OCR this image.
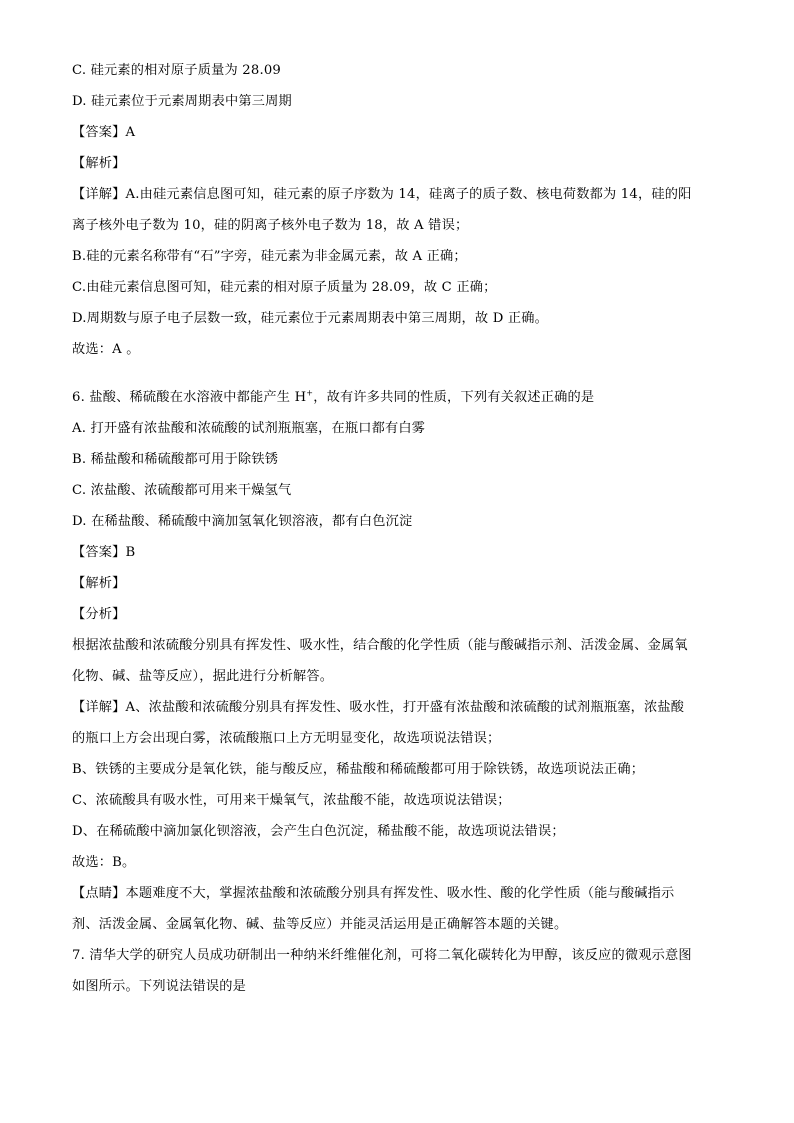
C. 硅元素的相对原子质量为 28.09
D. 硅元素位于元素周期表中第三周期
【答案】A
【解析】
【详解】A.由硅元素信息图可知，硅元素的原子序数为 14，硅离子的质子数、核电荷数都为 14，硅的阳
离子核外电子数为 10，硅的阴离子核外电子数为 18，故 A 错误；
B.硅的元素名称带有“石”字旁，硅元素为非金属元素，故 A 正确；
C.由硅元素信息图可知，硅元素的相对原子质量为 28.09，故 C 正确；
D.周期数与原子电子层数一致，硅元素位于元素周期表中第三周期，故 D 正确。
故选：A 。
6. 盐酸、稀硫酸在水溶液中都能产生 H+，故有许多共同的性质，下列有关叙述正确的是
A. 打开盛有浓盐酸和浓硫酸的试剂瓶瓶塞，在瓶口都有白雾
B. 稀盐酸和稀硫酸都可用于除铁锈
C. 浓盐酸、浓硫酸都可用来干燥氢气
D. 在稀盐酸、稀硫酸中滴加氢氧化钡溶液，都有白色沉淀
【答案】B
【解析】
【分析】
根据浓盐酸和浓硫酸分别具有挥发性、吸水性，结合酸的化学性质（能与酸碱指示剂、活泼金属、金属氧
化物、碱、盐等反应），据此进行分析解答。
【详解】A、浓盐酸和浓硫酸分别具有挥发性、吸水性，打开盛有浓盐酸和浓硫酸的试剂瓶瓶塞，浓盐酸
的瓶口上方会出现白雾，浓硫酸瓶口上方无明显变化，故选项说法错误；
B、铁锈的主要成分是氧化铁，能与酸反应，稀盐酸和稀硫酸都可用于除铁锈，故选项说法正确；
C、浓硫酸具有吸水性，可用来干燥氧气，浓盐酸不能，故选项说法错误；
D、在稀硫酸中滴加氯化钡溶液，会产生白色沉淀，稀盐酸不能，故选项说法错误；
故选：B。
【点睛】本题难度不大，掌握浓盐酸和浓硫酸分别具有挥发性、吸水性、酸的化学性质（能与酸碱指示
剂、活泼金属、金属氧化物、碱、盐等反应）并能灵活运用是正确解答本题的关键。
7. 清华大学的研究人员成功研制出一种纳米纤维催化剂，可将二氧化碳转化为甲醇，该反应的微观示意图
如图所示。下列说法错误的是
